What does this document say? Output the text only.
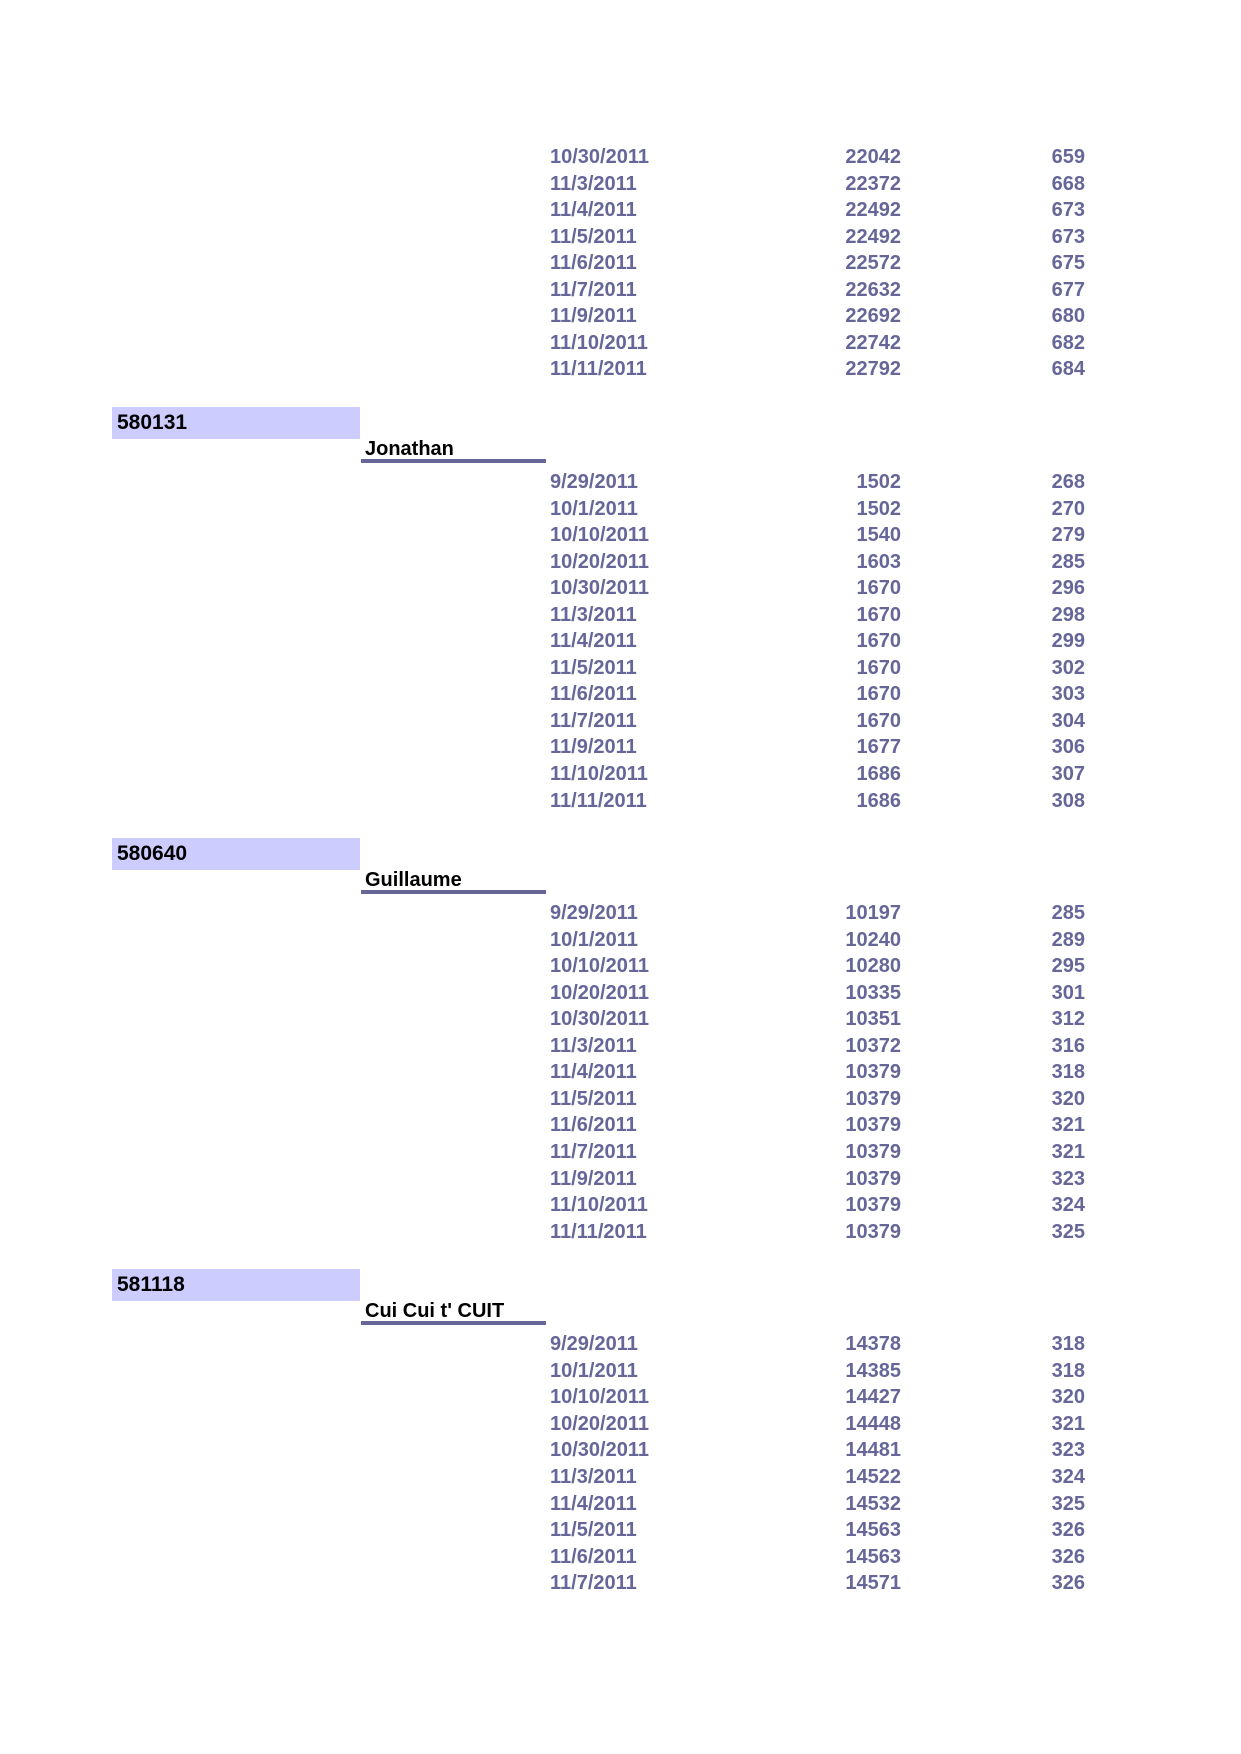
10/30/2011	22042	659
11/3/2011	22372	668
11/4/2011	22492	673
11/5/2011	22492	673
11/6/2011	22572	675
11/7/2011	22632	677
11/9/2011	22692	680
11/10/2011	22742	682
11/11/2011	22792	684
580131
Jonathan
9/29/2011	1502	268
10/1/2011	1502	270
10/10/2011	1540	279
10/20/2011	1603	285
10/30/2011	1670	296
11/3/2011	1670	298
11/4/2011	1670	299
11/5/2011	1670	302
11/6/2011	1670	303
11/7/2011	1670	304
11/9/2011	1677	306
11/10/2011	1686	307
11/11/2011	1686	308
580640
Guillaume
9/29/2011	10197	285
10/1/2011	10240	289
10/10/2011	10280	295
10/20/2011	10335	301
10/30/2011	10351	312
11/3/2011	10372	316
11/4/2011	10379	318
11/5/2011	10379	320
11/6/2011	10379	321
11/7/2011	10379	321
11/9/2011	10379	323
11/10/2011	10379	324
11/11/2011	10379	325
581118
Cui Cui t' CUIT
9/29/2011	14378	318
10/1/2011	14385	318
10/10/2011	14427	320
10/20/2011	14448	321
10/30/2011	14481	323
11/3/2011	14522	324
11/4/2011	14532	325
11/5/2011	14563	326
11/6/2011	14563	326
11/7/2011	14571	326
